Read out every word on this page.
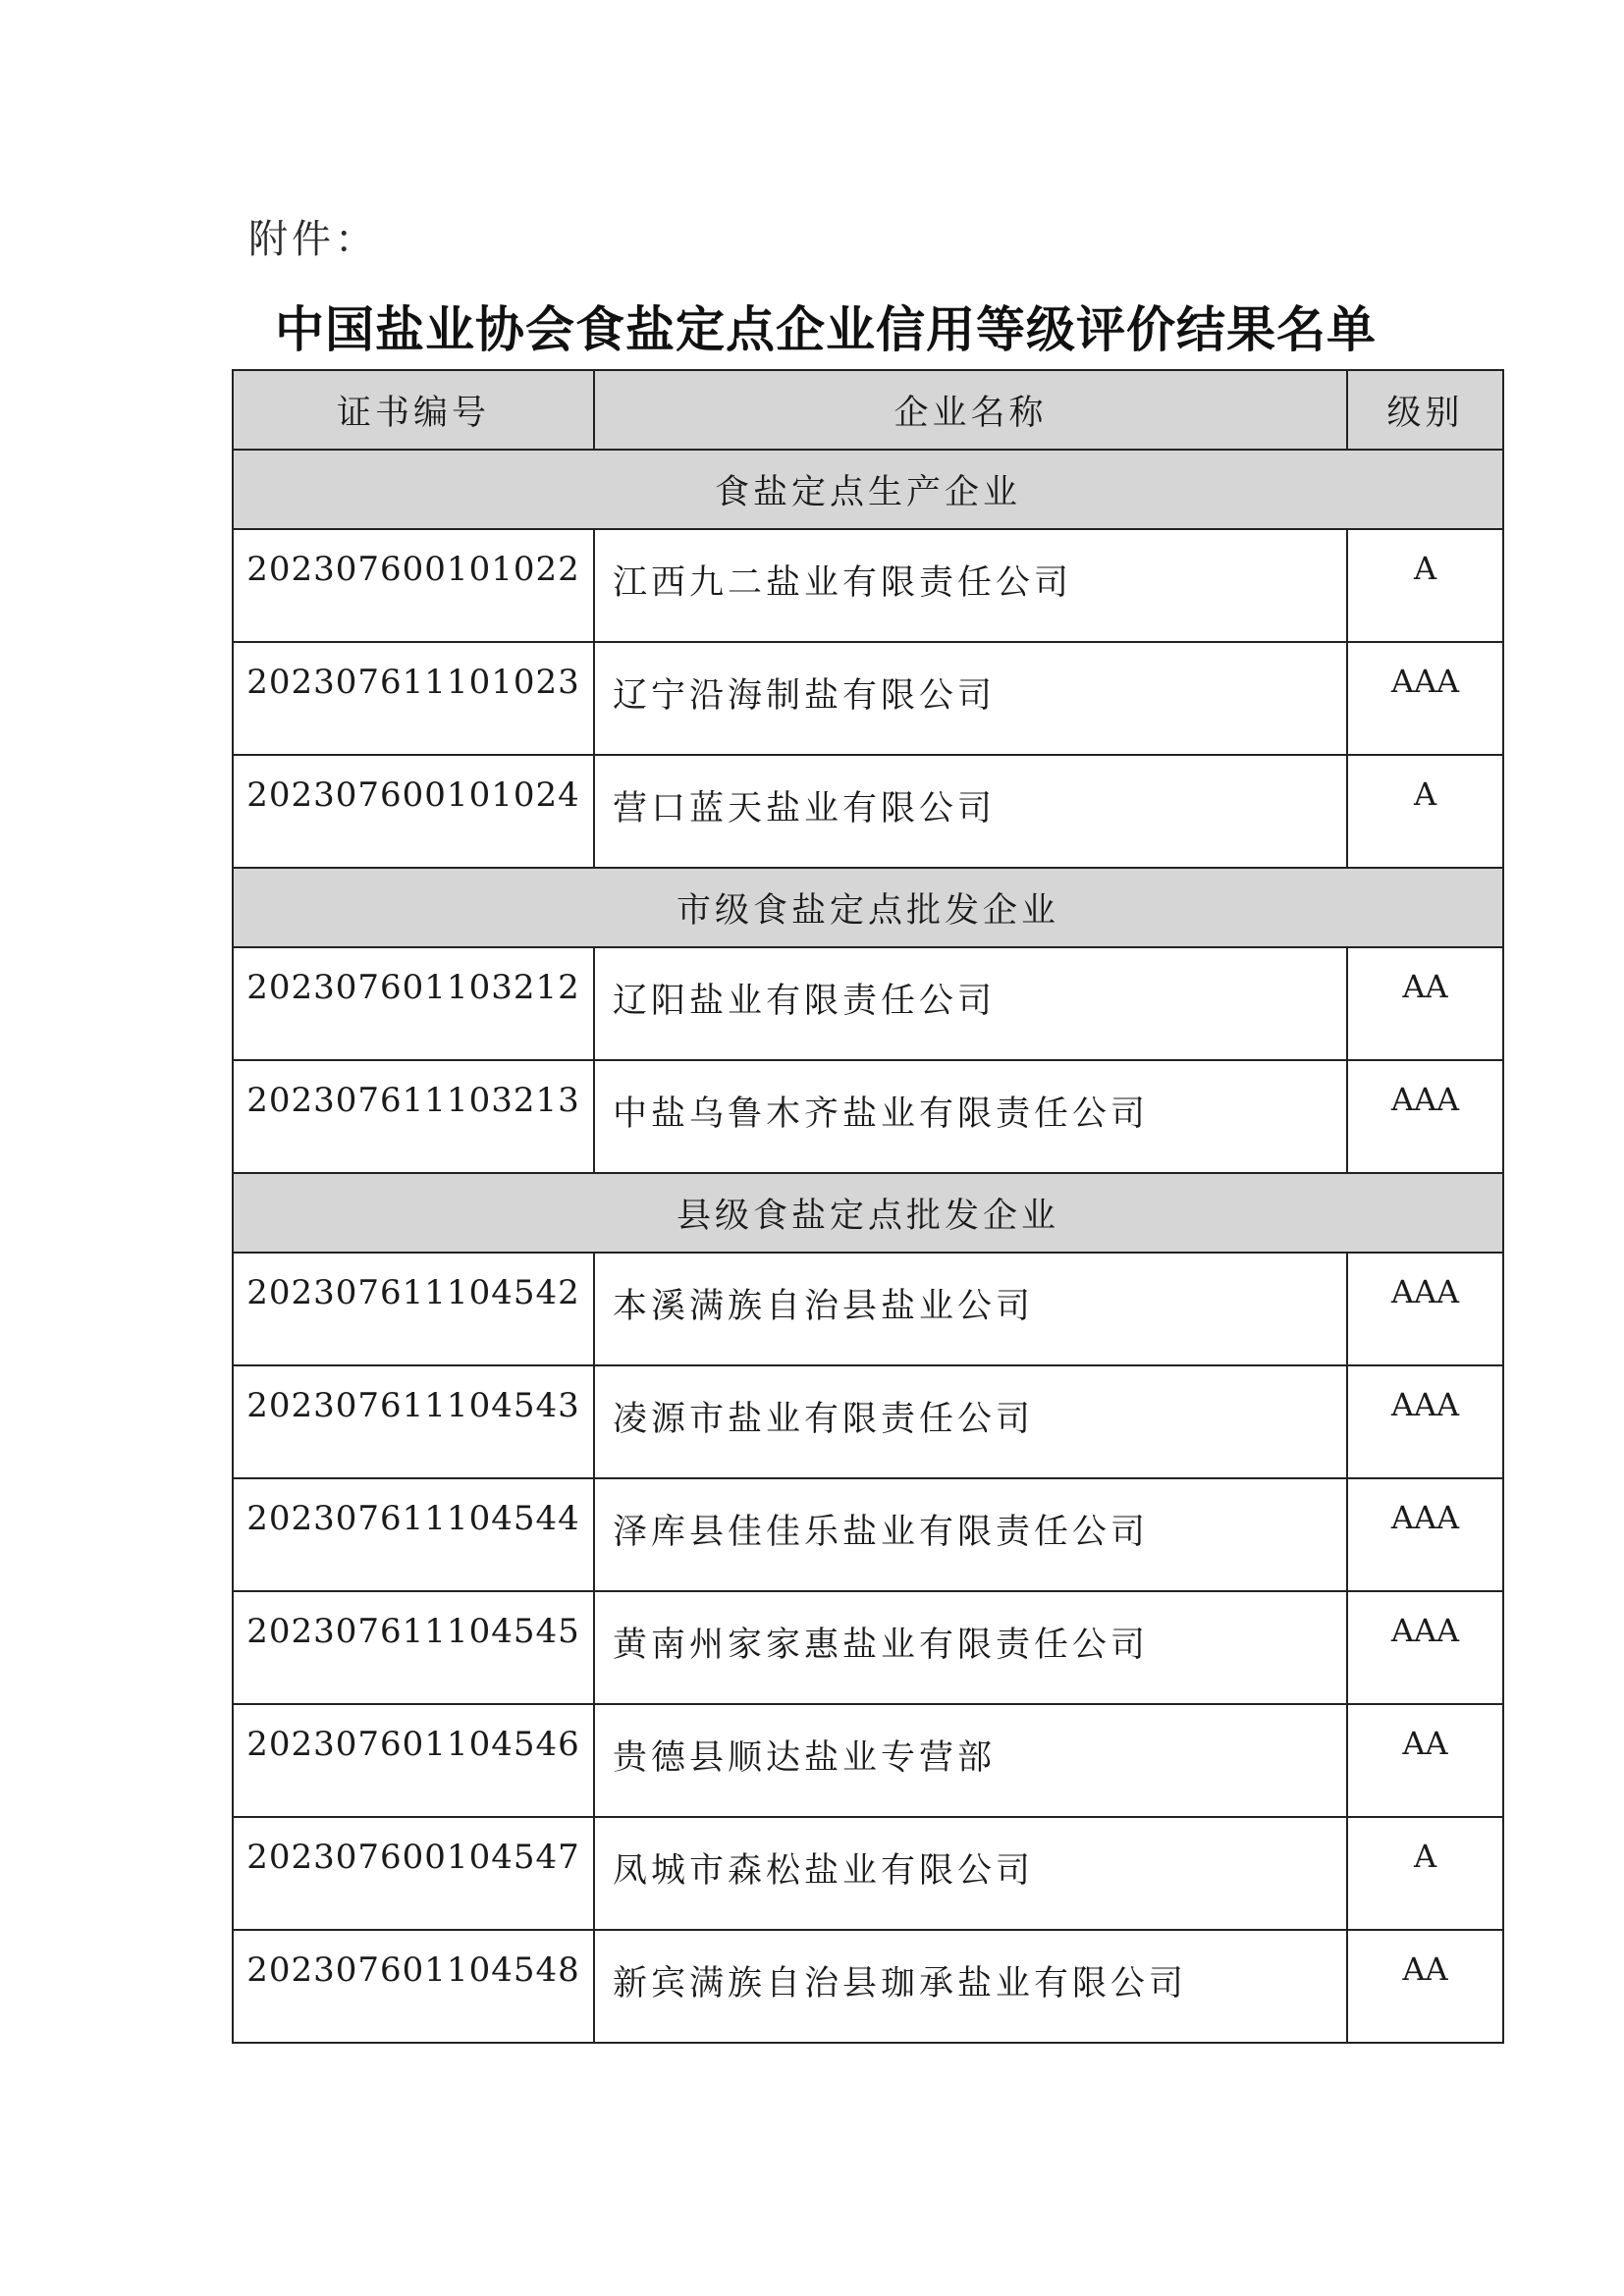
附件：
中国盐业协会食盐定点企业信用等级评价结果名单
证书编号	企业名称	级别
食盐定点生产企业		
202307600101022	江西九二盐业有限责任公司	A
202307611101023	辽宁沿海制盐有限公司	AAA
202307600101024	营口蓝天盐业有限公司	A
市级食盐定点批发企业		
202307601103212	辽阳盐业有限责任公司	AA
202307611103213	中盐乌鲁木齐盐业有限责任公司	AAA
县级食盐定点批发企业		
202307611104542	本溪满族自治县盐业公司	AAA
202307611104543	凌源市盐业有限责任公司	AAA
202307611104544	泽库县佳佳乐盐业有限责任公司	AAA
202307611104545	黄南州家家惠盐业有限责任公司	AAA
202307601104546	贵德县顺达盐业专营部	AA
202307600104547	凤城市森松盐业有限公司	A
202307601104548	新宾满族自治县珈承盐业有限公司	AA
